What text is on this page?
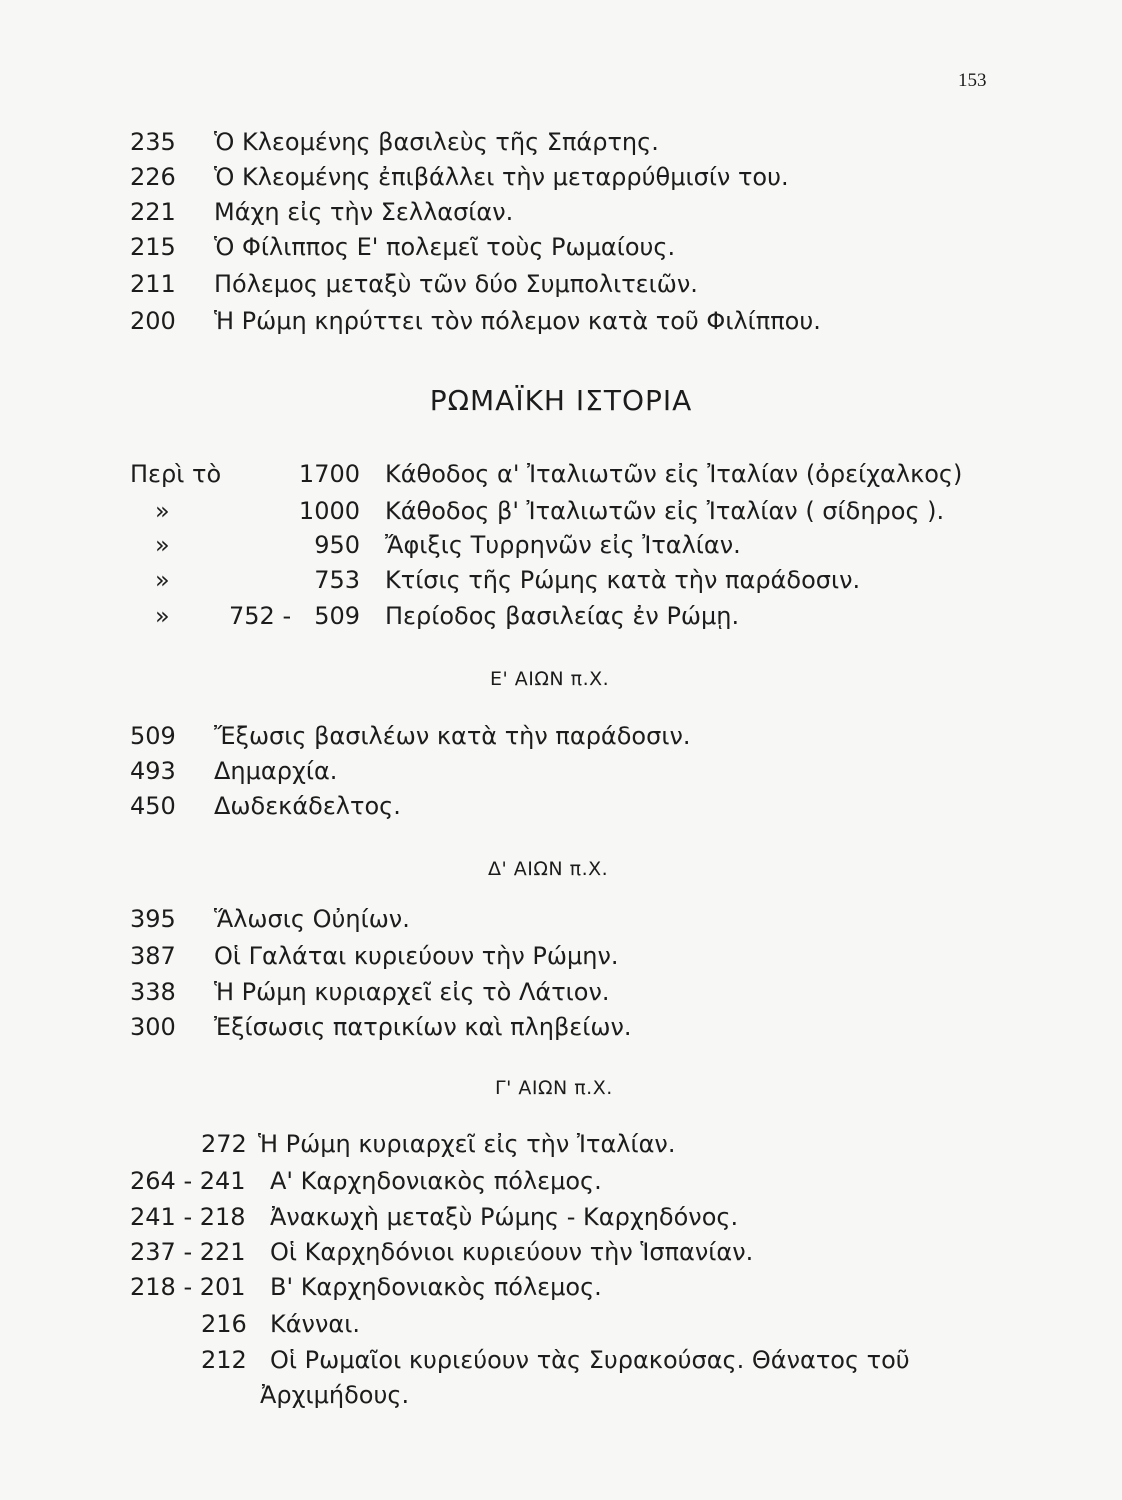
153
235 Ὁ Κλεομένης βασιλεὺς τῆς Σπάρτης.
226 Ὁ Κλεομένης ἐπιβάλλει τὴν μεταρρύθμισίν του.
221 Μάχη εἰς τὴν Σελλασίαν.
215 Ὁ Φίλιππος Ε' πολεμεῖ τοὺς Ρωμαίους.
211 Πόλεμος μεταξὺ τῶν δύο Συμπολιτειῶν.
200 Ἡ Ρώμη κηρύττει τὸν πόλεμον κατὰ τοῦ Φιλίππου.
ΡΩΜΑΪΚΗ ΙΣΤΟΡΙΑ
Περὶ τὸ	1700 Κάθοδος α' Ἰταλιωτῶν εἰς Ἰταλίαν (ὀρείχαλκος)
»	1000 Κάθοδος β' Ἰταλιωτῶν εἰς Ἰταλίαν ( σίδηρος ).
»	950 Ἄφιξις Τυρρηνῶν εἰς Ἰταλίαν.
»	753 Κτίσις τῆς Ρώμης κατὰ τὴν παράδοσιν.
» 752 - 509 Περίοδος βασιλείας ἐν Ρώμῃ.
Ε' ΑΙΩΝ π.Χ.
509 Ἔξωσις βασιλέων κατὰ τὴν παράδοσιν.
493 Δημαρχία.
450 Δωδεκάδελτος.
Δ' ΑΙΩΝ π.Χ.
395 Ἅλωσις Οὐηίων.
387 Οἱ Γαλάται κυριεύουν τὴν Ρώμην.
338 Ἡ Ρώμη κυριαρχεῖ εἰς τὸ Λάτιον.
300 Ἐξίσωσις πατρικίων καὶ πληβείων.
Γ' ΑΙΩΝ π.Χ.
272 Ἡ Ρώμη κυριαρχεῖ εἰς τὴν Ἰταλίαν.
264 - 241 Α' Καρχηδονιακὸς πόλεμος.
241 - 218 Ἀνακωχὴ μεταξὺ Ρώμης - Καρχηδόνος.
237 - 221 Οἱ Καρχηδόνιοι κυριεύουν τὴν Ἱσπανίαν.
218 - 201 Β' Καρχηδονιακὸς πόλεμος.
216 Κάνναι.
212 Οἱ Ρωμαῖοι κυριεύουν τὰς Συρακούσας. Θάνατος τοῦ
Ἀρχιμήδους.
